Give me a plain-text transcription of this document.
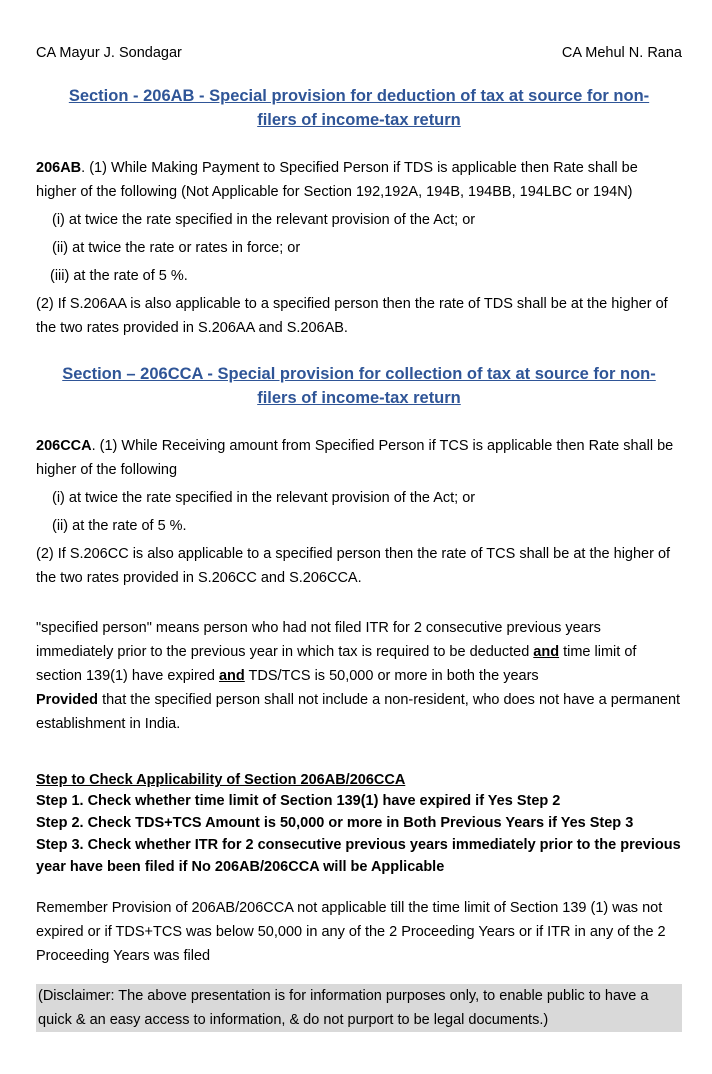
CA Mayur J. Sondagar	CA Mehul N. Rana
Section - 206AB - Special provision for deduction of tax at source for non-filers of income-tax return

206AB. (1) While Making Payment to Specified Person if TDS is applicable then Rate shall be higher of the following (Not Applicable for Section 192,192A, 194B, 194BB, 194LBC or 194N)

(i) at twice the rate specified in the relevant provision of the Act; or
(ii) at twice the rate or rates in force; or
(iii) at the rate of 5 %.

(2) If S.206AA is also applicable to a specified person then the rate of TDS shall be at the higher of the two rates provided in S.206AA and S.206AB.

Section – 206CCA - Special provision for collection of tax at source for non-filers of income-tax return

206CCA. (1) While Receiving amount from Specified Person if TCS is applicable then Rate shall be higher of the following

(i) at twice the rate specified in the relevant provision of the Act; or
(ii) at the rate of 5 %.

(2) If S.206CC is also applicable to a specified person then the rate of TCS shall be at the higher of the two rates provided in S.206CC and S.206CCA.

"specified person" means person who had not filed ITR for 2 consecutive previous years immediately prior to the previous year in which tax is required to be deducted and time limit of section 139(1) have expired and TDS/TCS is 50,000 or more in both the years

Provided that the specified person shall not include a non-resident, who does not have a permanent establishment in India.

Step to Check Applicability of Section 206AB/206CCA

Step 1. Check whether time limit of Section 139(1) have expired if Yes Step 2

Step 2. Check TDS+TCS Amount is 50,000 or more in Both Previous Years if Yes Step 3

Step 3. Check whether ITR for 2 consecutive previous years immediately prior to the previous year have been filed if No 206AB/206CCA will be Applicable

Remember Provision of 206AB/206CCA not applicable till the time limit of Section 139 (1) was not expired or if TDS+TCS was below 50,000 in any of the 2 Proceeding Years or if ITR in any of the 2 Proceeding Years was filed

(Disclaimer: The above presentation is for information purposes only, to enable public to have a quick & an easy access to information, & do not purport to be legal documents.)
